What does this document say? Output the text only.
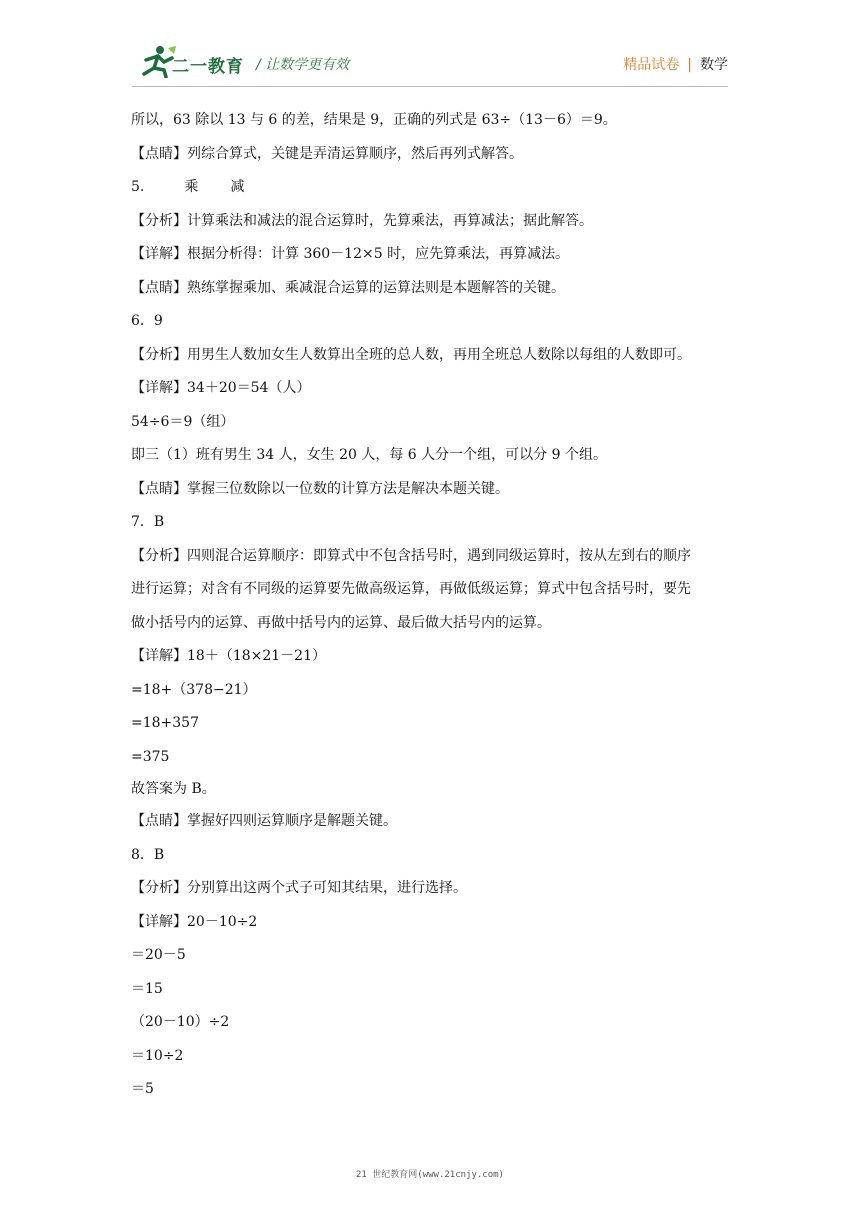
二一教育 / 让数学更有效	精品试卷 | 数学
所以，63 除以 13 与 6 的差，结果是 9，正确的列式是 63÷（13－6）＝9。
【点睛】列综合算式，关键是弄清运算顺序，然后再列式解答。
5.	乘 减
【分析】计算乘法和减法的混合运算时，先算乘法，再算减法；据此解答。
【详解】根据分析得：计算 360－12×5 时，应先算乘法，再算减法。
【点睛】熟练掌握乘加、乘减混合运算的运算法则是本题解答的关键。
6．9
【分析】用男生人数加女生人数算出全班的总人数，再用全班总人数除以每组的人数即可。
【详解】34＋20＝54（人）
54÷6＝9（组）
即三（1）班有男生 34 人，女生 20 人，每 6 人分一个组，可以分 9 个组。
【点睛】掌握三位数除以一位数的计算方法是解决本题关键。
7．B
【分析】四则混合运算顺序：即算式中不包含括号时，遇到同级运算时，按从左到右的顺序
进行运算；对含有不同级的运算要先做高级运算，再做低级运算；算式中包含括号时，要先
做小括号内的运算、再做中括号内的运算、最后做大括号内的运算。
【详解】18＋（18×21－21）
=18+（378−21）
=18+357
=375
故答案为 B。
【点睛】掌握好四则运算顺序是解题关键。
8．B
【分析】分别算出这两个式子可知其结果，进行选择。
【详解】20－10÷2
＝20－5
＝15
（20－10）÷2
＝10÷2
＝5
21 世纪教育网(www.21cnjy.com)
